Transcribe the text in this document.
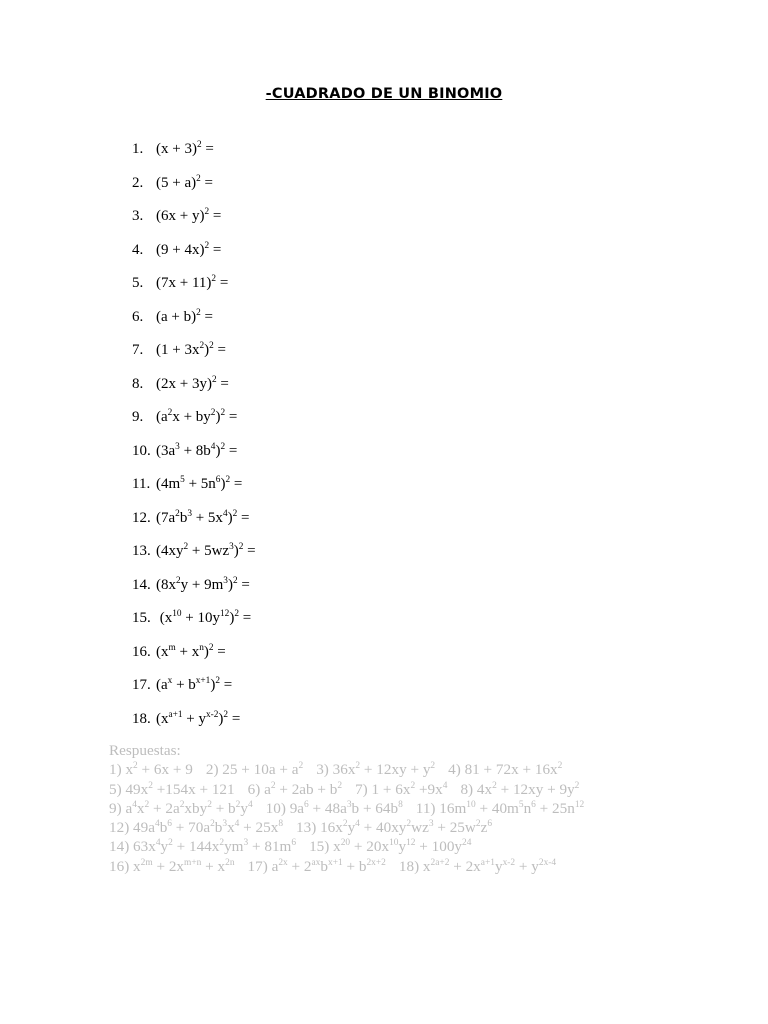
-CUADRADO DE UN BINOMIO
1. $(x + 3)^2$ =
2. $(5 + a)^2$ =
3. $(6x + y)^2$ =
4. $(9 + 4x)^2$ =
5. $(7x + 11)^2$ =
6. $(a + b)^2$ =
7. $(1 + 3x^2)^2$ =
8. $(2x + 3y)^2$ =
9. $(a^2x + by^2)^2$ =
10. $(3a^3 + 8b^4)^2$ =
11. $(4m^5 + 5n^6)^2$ =
12. $(7a^2b^3 + 5x^4)^2$ =
13. $(4xy^2 + 5wz^3)^2$ =
14. $(8x^2y + 9m^3)^2$ =
15. $(x^{10} + 10y^{12})^2$ =
16. $(x^m + x^n)^2$ =
17. $(a^x + b^{x+1})^2$ =
18. $(x^{a+1} + y^{x-2})^2$ =
Respuestas:
1) $x^2 + 6x + 9$ 2) $25 + 10a + a^2$ 3) $36x^2 + 12xy + y^2$ 4) $81 + 72x + 16x^2$
5) $49x^2 +154x + 121$ 6) $a^2 + 2ab + b^2$ 7) $1 + 6x^2 +9x^4$ 8) $4x^2 + 12xy + 9y^2$
9) $a^4x^2 + 2a^2xby^2 + b^2y^4$ 10) $9a^6 + 48a^3b + 64b^8$ 11) $16m^{10} + 40m^5n^6 + 25n^{12}$
12) $49a^4b^6 + 70a^2b^3x^4 + 25x^8$ 13) $16x^2y^4 + 40xy^2wz^3 + 25w^2z^6$
14) $63x^4y^2 + 144x^2ym^3 + 81m^6$ 15) $x^{20} + 20x^{10}y^{12} + 100y^{24}$
16) $x^{2m} + 2x^{m+n} + x^{2n}$ 17) $a^{2x} + 2^{ax}b^{x+1} + b^{2x+2}$ 18) $x^{2a+2} + 2x^{a+1}y^{x-2} + y^{2x-4}$
